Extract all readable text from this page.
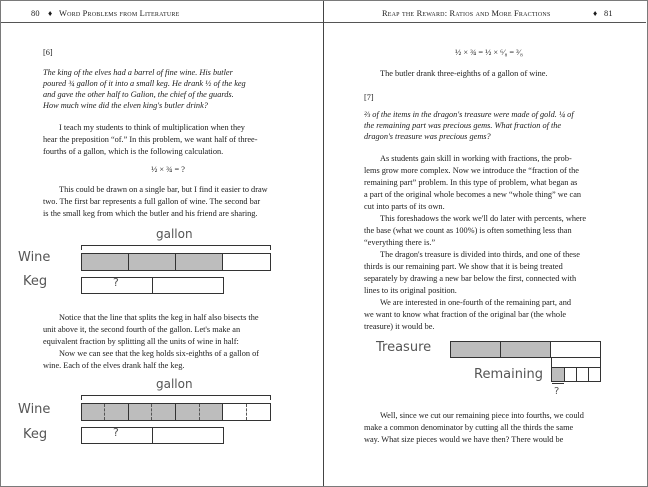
80 ♦ Word Problems from Literature
[6]
The king of the elves had a barrel of fine wine. His butler
poured ¾ gallon of it into a small keg. He drank ½ of the keg
and gave the other half to Galion, the chief of the guards.
How much wine did the elven king's butler drink?
I teach my students to think of multiplication when they
hear the preposition “of.” In this problem, we want half of three-
fourths of a gallon, which is the following calculation.
½ × ¾ = ?
This could be drawn on a single bar, but I find it easier to draw
two. The first bar represents a full gallon of wine. The second bar
is the small keg from which the butler and his friend are sharing.
gallon
Wine
Keg	?
Notice that the line that splits the keg in half also bisects the
unit above it, the second fourth of the gallon. Let's make an
equivalent fraction by splitting all the units of wine in half:
Now we can see that the keg holds six-eighths of a gallon of
wine. Each of the elves drank half the keg.
gallon
Wine
Keg	?
Reap the Reward: Ratios and More Fractions	♦ 81
½ × ¾ = ½ × ⁶⁄₈ = ³⁄₈
The butler drank three-eighths of a gallon of wine.
[7]
⅔ of the items in the dragon's treasure were made of gold. ¼ of
the remaining part was precious gems. What fraction of the
dragon's treasure was precious gems?
As students gain skill in working with fractions, the prob-
lems grow more complex. Now we introduce the “fraction of the
remaining part” problem. In this type of problem, what began as
a part of the original whole becomes a new “whole thing” we can
cut into parts of its own.
This foreshadows the work we'll do later with percents, where
the base (what we count as 100%) is often something less than
“everything there is.”
The dragon's treasure is divided into thirds, and one of these
thirds is our remaining part. We show that it is being treated
separately by drawing a new bar below the first, connected with
lines to its original position.
We are interested in one-fourth of the remaining part, and
we want to know what fraction of the original bar (the whole
treasure) it would be.
Treasure
Remaining
?
Well, since we cut our remaining piece into fourths, we could
make a common denominator by cutting all the thirds the same
way. What size pieces would we have then? There would be
